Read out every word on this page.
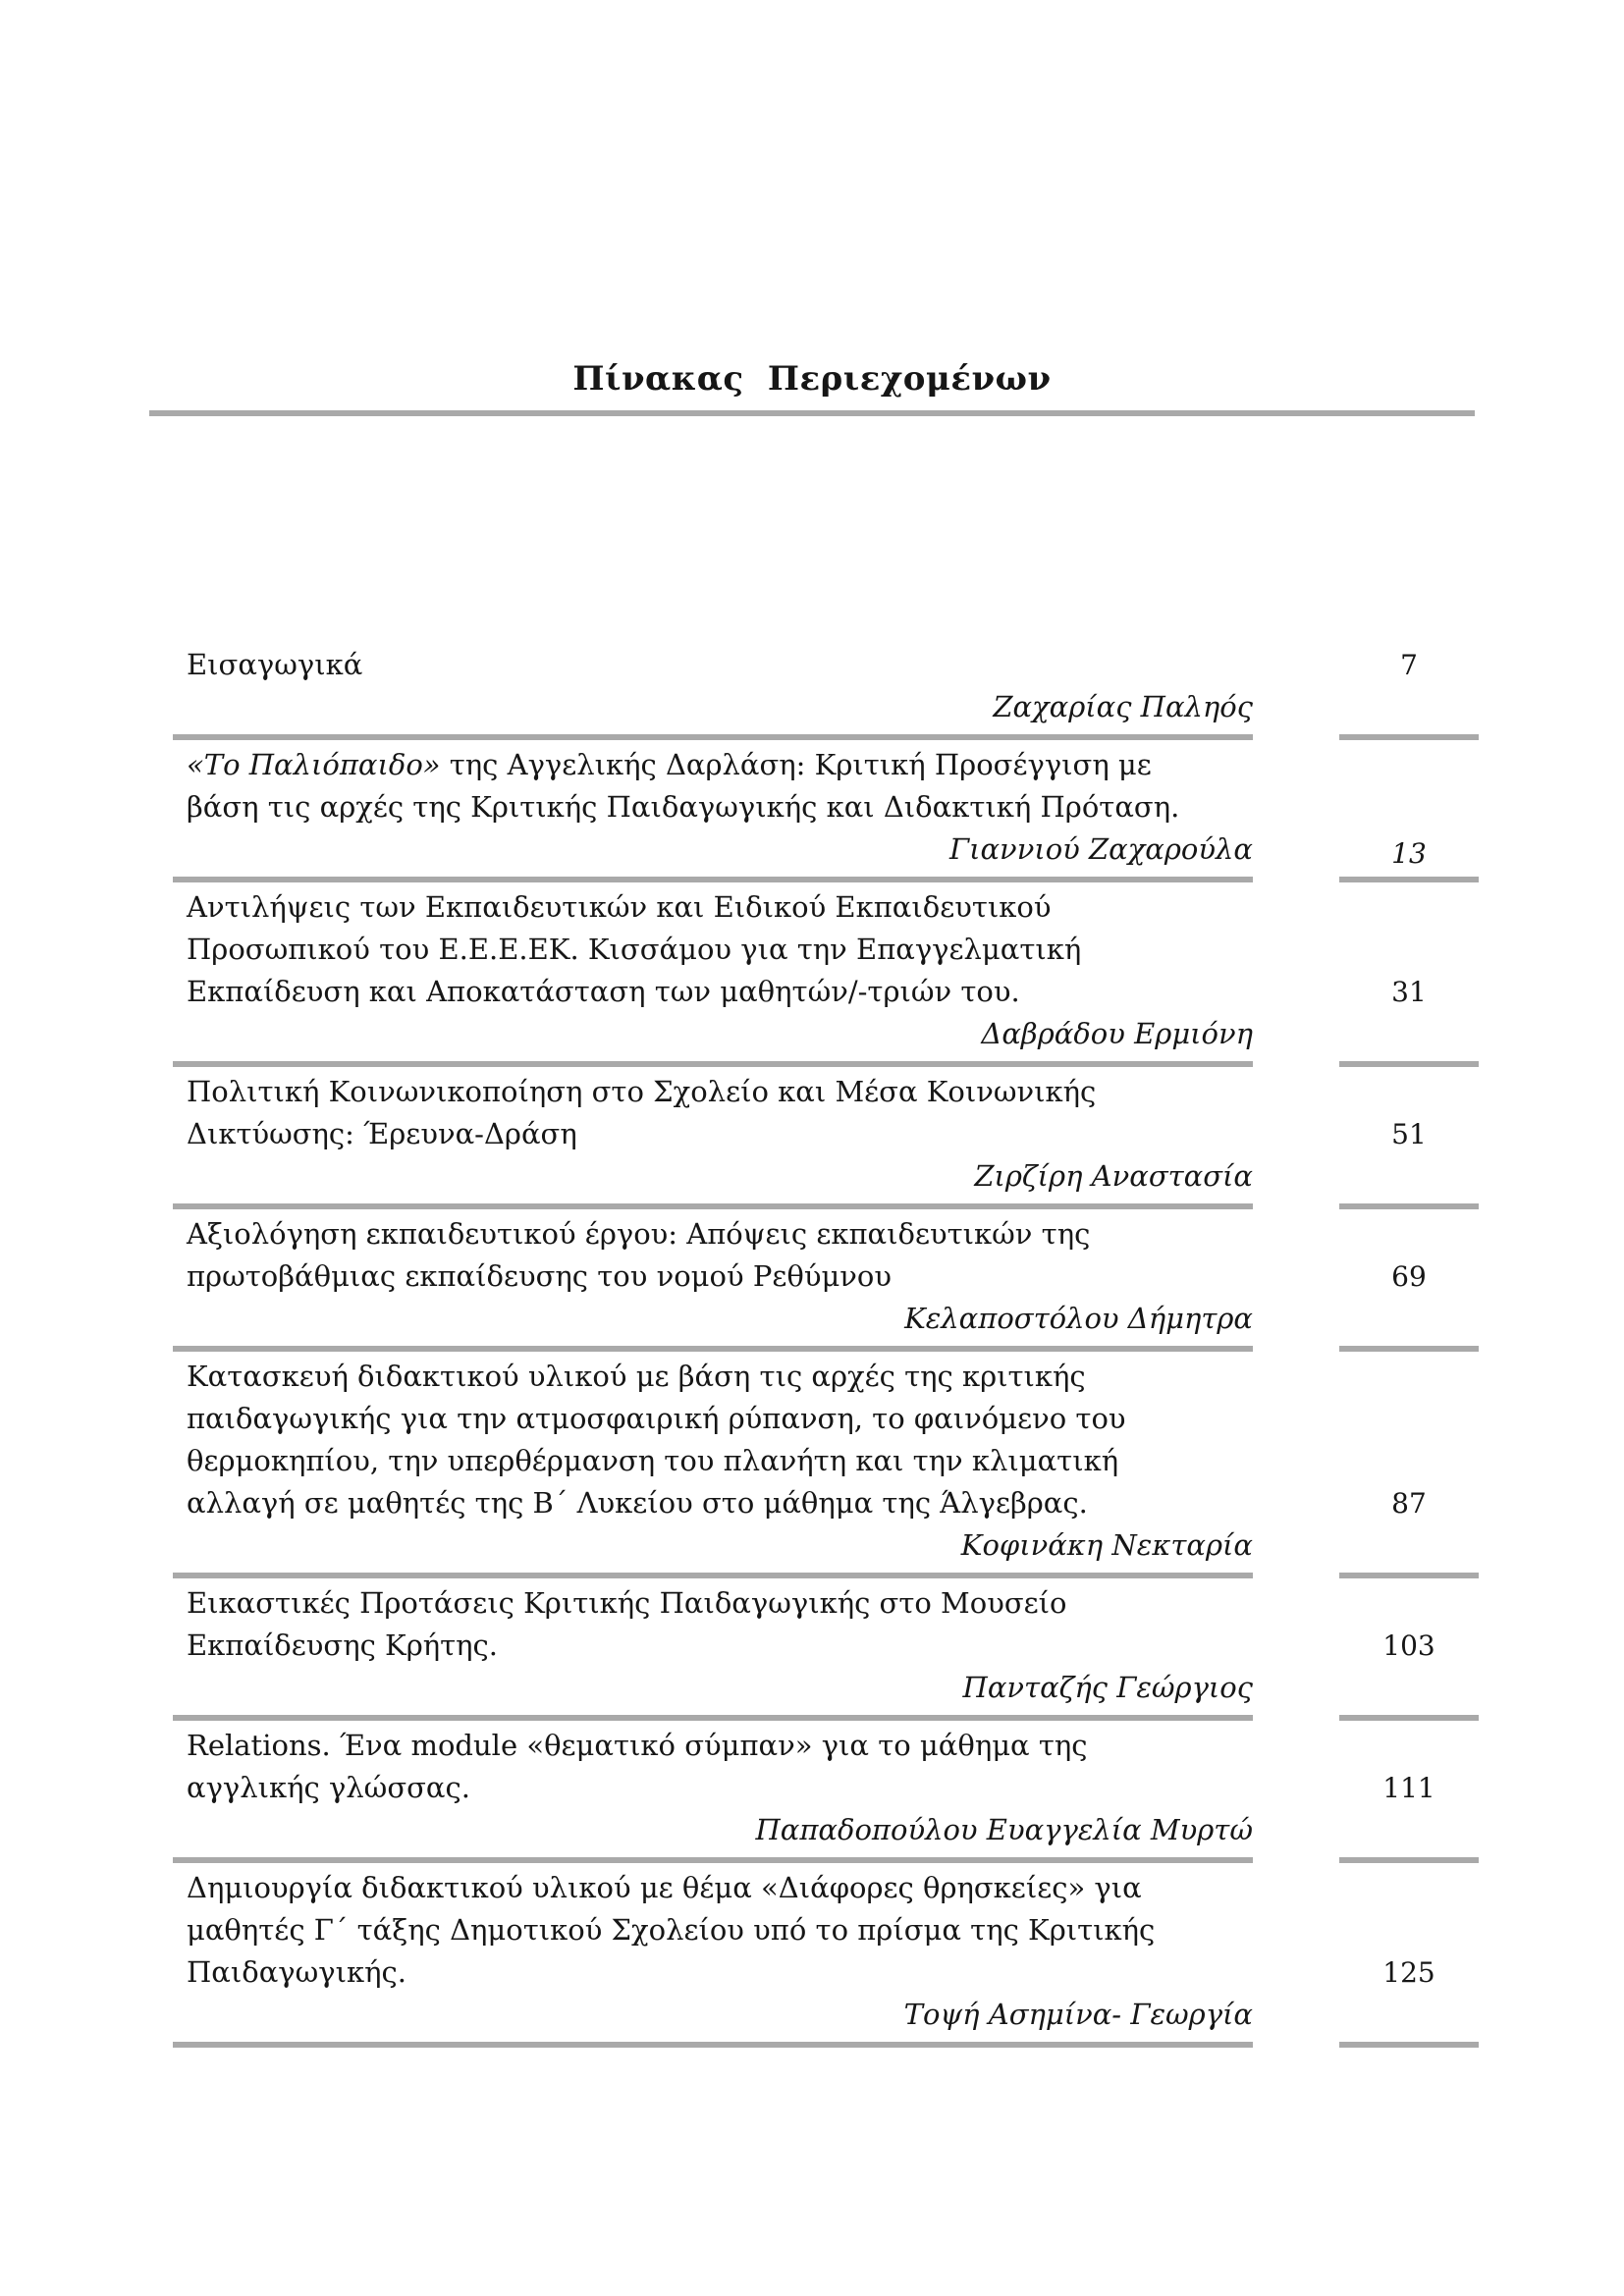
Πίνακας Περιεχομένων
Εισαγωγικά
Ζαχαρίας Παληός
7
«Το Παλιόπαιδο» της Αγγελικής Δαρλάση: Κριτική Προσέγγιση με
βάση τις αρχές της Κριτικής Παιδαγωγικής και Διδακτική Πρόταση.
Γιαννιού Ζαχαρούλα	13
Αντιλήψεις των Εκπαιδευτικών και Ειδικού Εκπαιδευτικού
Προσωπικού του Ε.Ε.Ε.ΕΚ. Κισσάμου για την Επαγγελματική
Εκπαίδευση και Αποκατάσταση των μαθητών/-τριών του.
Δαβράδου Ερμιόνη
31
Πολιτική Κοινωνικοποίηση στο Σχολείο και Μέσα Κοινωνικής
Δικτύωσης: Έρευνα-Δράση
Ζιρζίρη Αναστασία
51
Αξιολόγηση εκπαιδευτικού έργου: Απόψεις εκπαιδευτικών της
πρωτοβάθμιας εκπαίδευσης του νομού Ρεθύμνου
Κελαποστόλου Δήμητρα
69
Κατασκευή διδακτικού υλικού με βάση τις αρχές της κριτικής
παιδαγωγικής για την ατμοσφαιρική ρύπανση, το φαινόμενο του
θερμοκηπίου, την υπερθέρμανση του πλανήτη και την κλιματική
αλλαγή σε μαθητές της Β΄ Λυκείου στο μάθημα της Άλγεβρας.
Κοφινάκη Νεκταρία
87
Εικαστικές Προτάσεις Κριτικής Παιδαγωγικής στο Μουσείο
Εκπαίδευσης Κρήτης.
Πανταζής Γεώργιος
103
Relations. Ένα module «θεματικό σύμπαν» για το μάθημα της
αγγλικής γλώσσας.
Παπαδοπούλου Ευαγγελία Μυρτώ
111
Δημιουργία διδακτικού υλικού με θέμα «Διάφορες θρησκείες» για
μαθητές Γ΄ τάξης Δημοτικού Σχολείου υπό το πρίσμα της Κριτικής
Παιδαγωγικής.
Τοψή Ασημίνα- Γεωργία
125
